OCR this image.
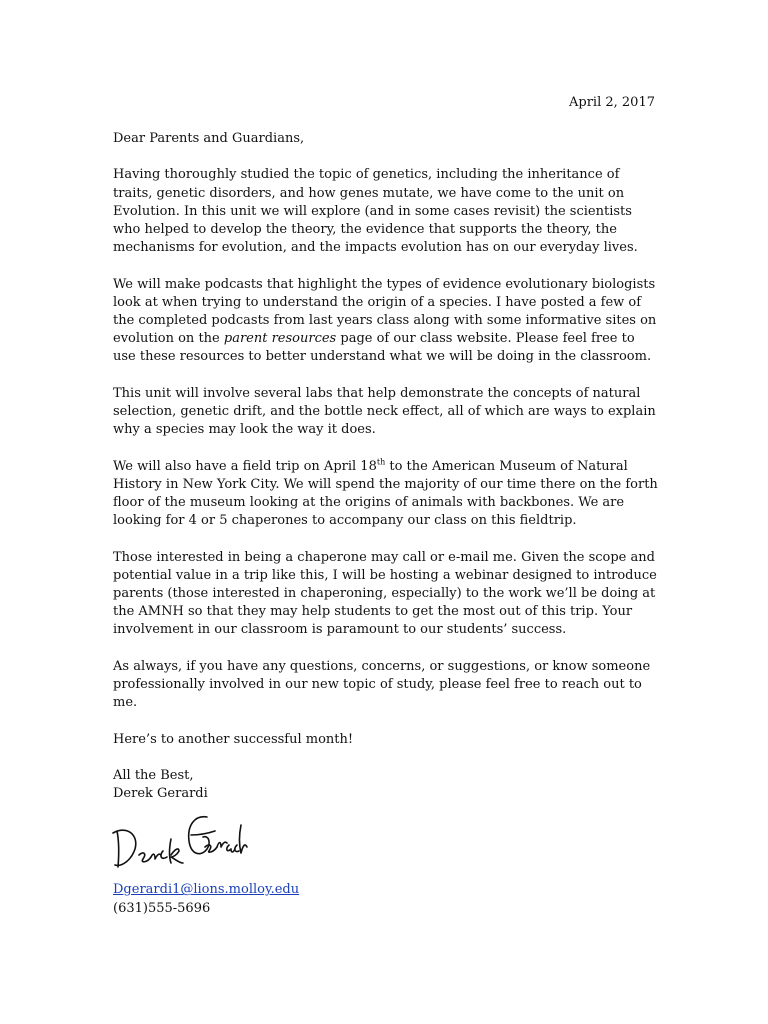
April 2, 2017

Dear Parents and Guardians,

Having thoroughly studied the topic of genetics, including the inheritance of traits, genetic disorders, and how genes mutate, we have come to the unit on Evolution. In this unit we will explore (and in some cases revisit) the scientists who helped to develop the theory, the evidence that supports the theory, the mechanisms for evolution, and the impacts evolution has on our everyday lives.

We will make podcasts that highlight the types of evidence evolutionary biologists look at when trying to understand the origin of a species. I have posted a few of the completed podcasts from last years class along with some informative sites on evolution on the parent resources page of our class website. Please feel free to use these resources to better understand what we will be doing in the classroom.

This unit will involve several labs that help demonstrate the concepts of natural selection, genetic drift, and the bottle neck effect, all of which are ways to explain why a species may look the way it does.

We will also have a field trip on April 18th to the American Museum of Natural History in New York City. We will spend the majority of our time there on the forth floor of the museum looking at the origins of animals with backbones. We are looking for 4 or 5 chaperones to accompany our class on this fieldtrip.

Those interested in being a chaperone may call or e-mail me. Given the scope and potential value in a trip like this, I will be hosting a webinar designed to introduce parents (those interested in chaperoning, especially) to the work we’ll be doing at the AMNH so that they may help students to get the most out of this trip. Your involvement in our classroom is paramount to our students’ success.

As always, if you have any questions, concerns, or suggestions, or know someone professionally involved in our new topic of study, please feel free to reach out to me.

Here’s to another successful month!

All the Best,
Derek Gerardi
Dgerardi1@lions.molloy.edu
(631)555-5696
